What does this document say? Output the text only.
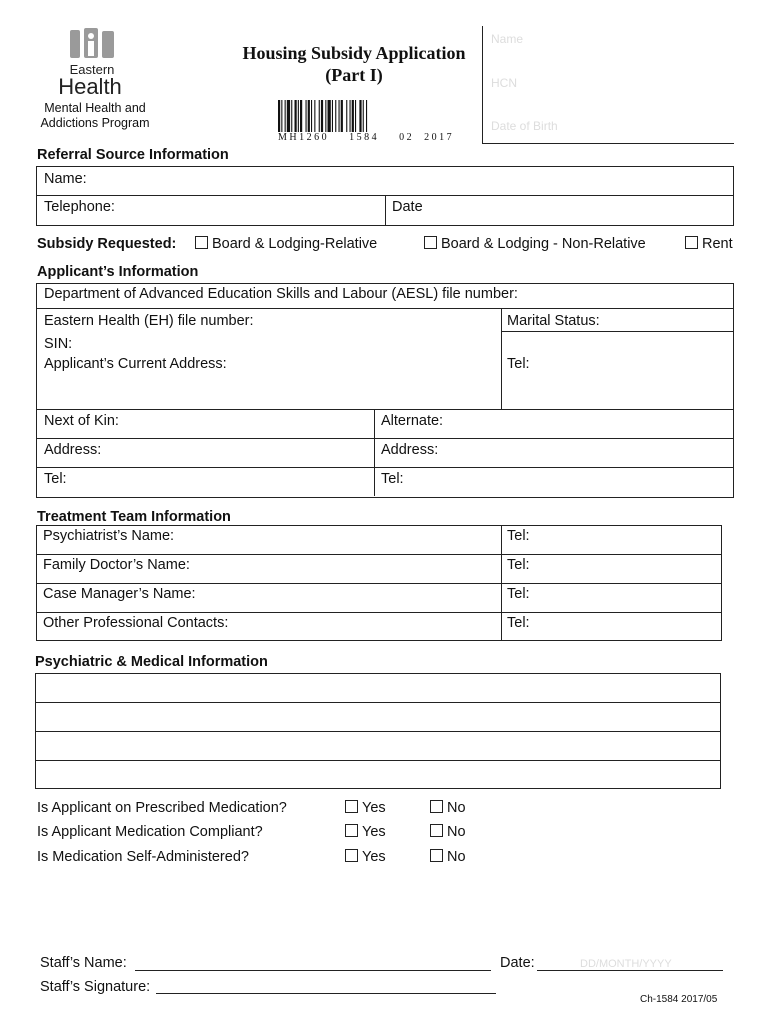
Eastern
Health
Mental Health and
Addictions Program
Housing Subsidy Application
(Part I)
MH1260    1584    02  2017
Name
HCN
Date of Birth
Referral Source Information
Name:
Telephone:	Date
Subsidy Requested:	Board & Lodging-Relative	Board & Lodging - Non-Relative	Rent
Applicant’s Information
Department of Advanced Education Skills and Labour (AESL) file number:
Eastern Health (EH) file number:	Marital Status:
SIN:
Applicant’s Current Address:	Tel:
Next of Kin:	Alternate:
Address:	Address:
Tel:	Tel:
Treatment Team Information
Psychiatrist’s Name:	Tel:
Family Doctor’s Name:	Tel:
Case Manager’s Name:	Tel:
Other Professional Contacts:	Tel:
Psychiatric & Medical Information
Is Applicant on Prescribed Medication?	Yes	No
Is Applicant Medication Compliant?	Yes	No
Is Medication Self-Administered?	Yes	No
Staff’s Name:	Date:	DD/MONTH/YYYY
Staff’s Signature:
Ch-1584 2017/05
